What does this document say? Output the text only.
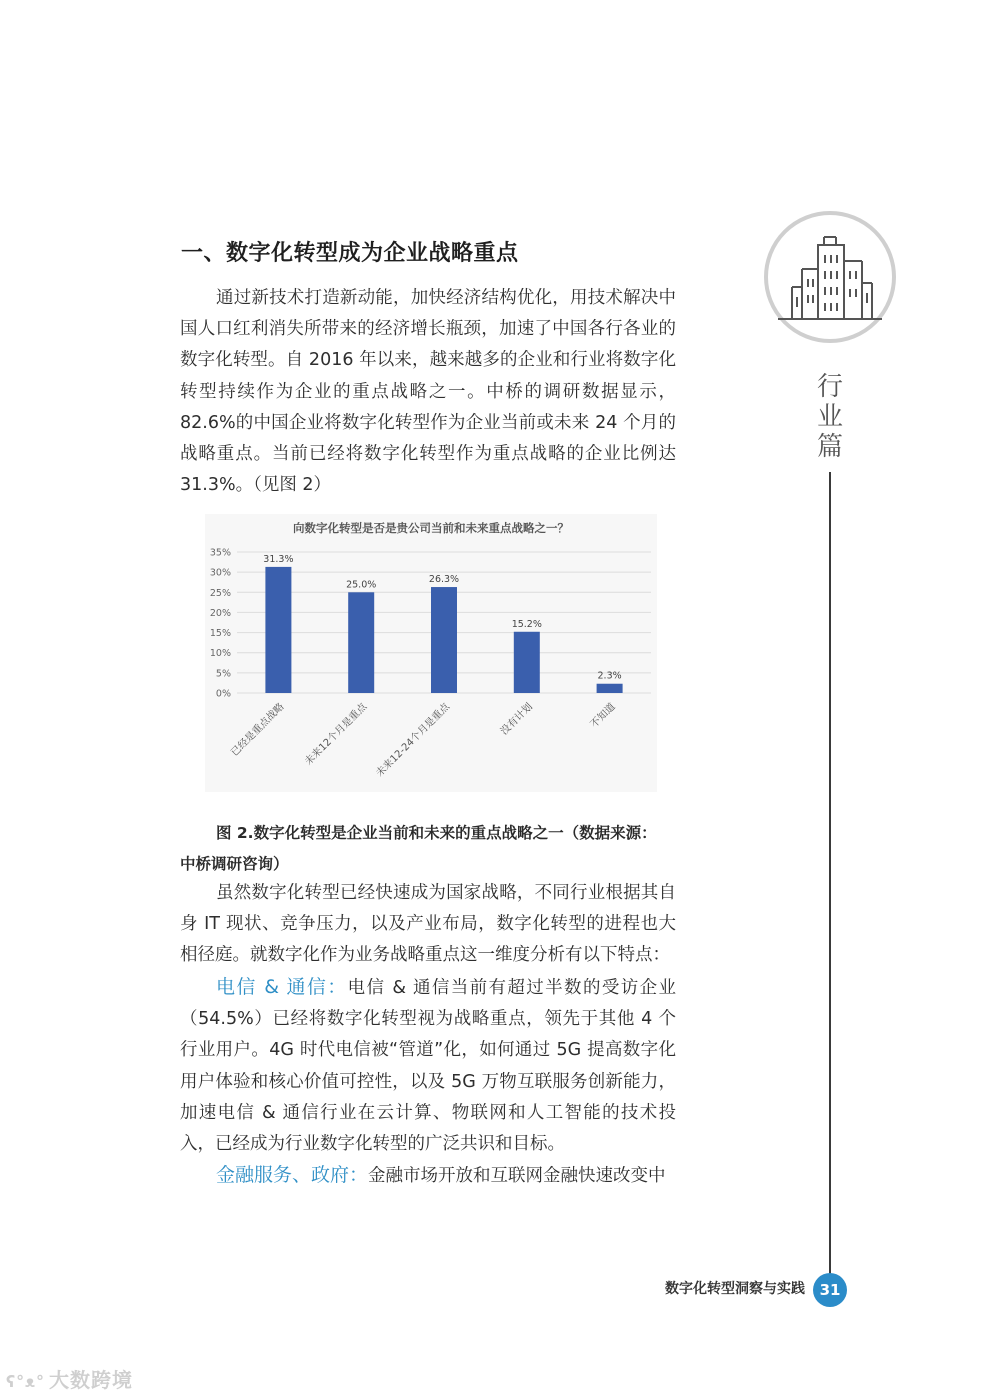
一、数字化转型成为企业战略重点

通过新技术打造新动能，加快经济结构优化，用技术解决中国人口红利消失所带来的经济增长瓶颈，加速了中国各行各业的数字化转型。自 2016 年以来，越来越多的企业和行业将数字化转型持续作为企业的重点战略之一。中桥的调研数据显示，82.6%的中国企业将数字化转型作为企业当前或未来 24 个月的战略重点。当前已经将数字化转型作为重点战略的企业比例达 31.3%。（见图 2）

向数字化转型是否是贵公司当前和未来重点战略之一？
0%
5%
10%
15%
20%
25%
30%
35%
31.3%
25.0%	26.3%
15.2%
2.3%
已经是重点战略 未来12个月是重点 未来12-24个月是重点	没有计划	不知道
图 2.数字化转型是企业当前和未来的重点战略之一（数据来源：
中桥调研咨询）

虽然数字化转型已经快速成为国家战略，不同行业根据其自身 IT 现状、竞争压力，以及产业布局，数字化转型的进程也大相径庭。就数字化作为业务战略重点这一维度分析有以下特点：

电信 & 通信：电信 & 通信当前有超过半数的受访企业（54.5%）已经将数字化转型视为战略重点，领先于其他 4 个行业用户。4G 时代电信被“管道”化，如何通过 5G 提高数字化用户体验和核心价值可控性，以及 5G 万物互联服务创新能力，加速电信 & 通信行业在云计算、物联网和人工智能的技术投入，已经成为行业数字化转型的广泛共识和目标。

金融服务、政府：金融市场开放和互联网金融快速改变中

行
业
篇
数字化转型洞察与实践 31
ʕ°ᴥ° 大数跨境
